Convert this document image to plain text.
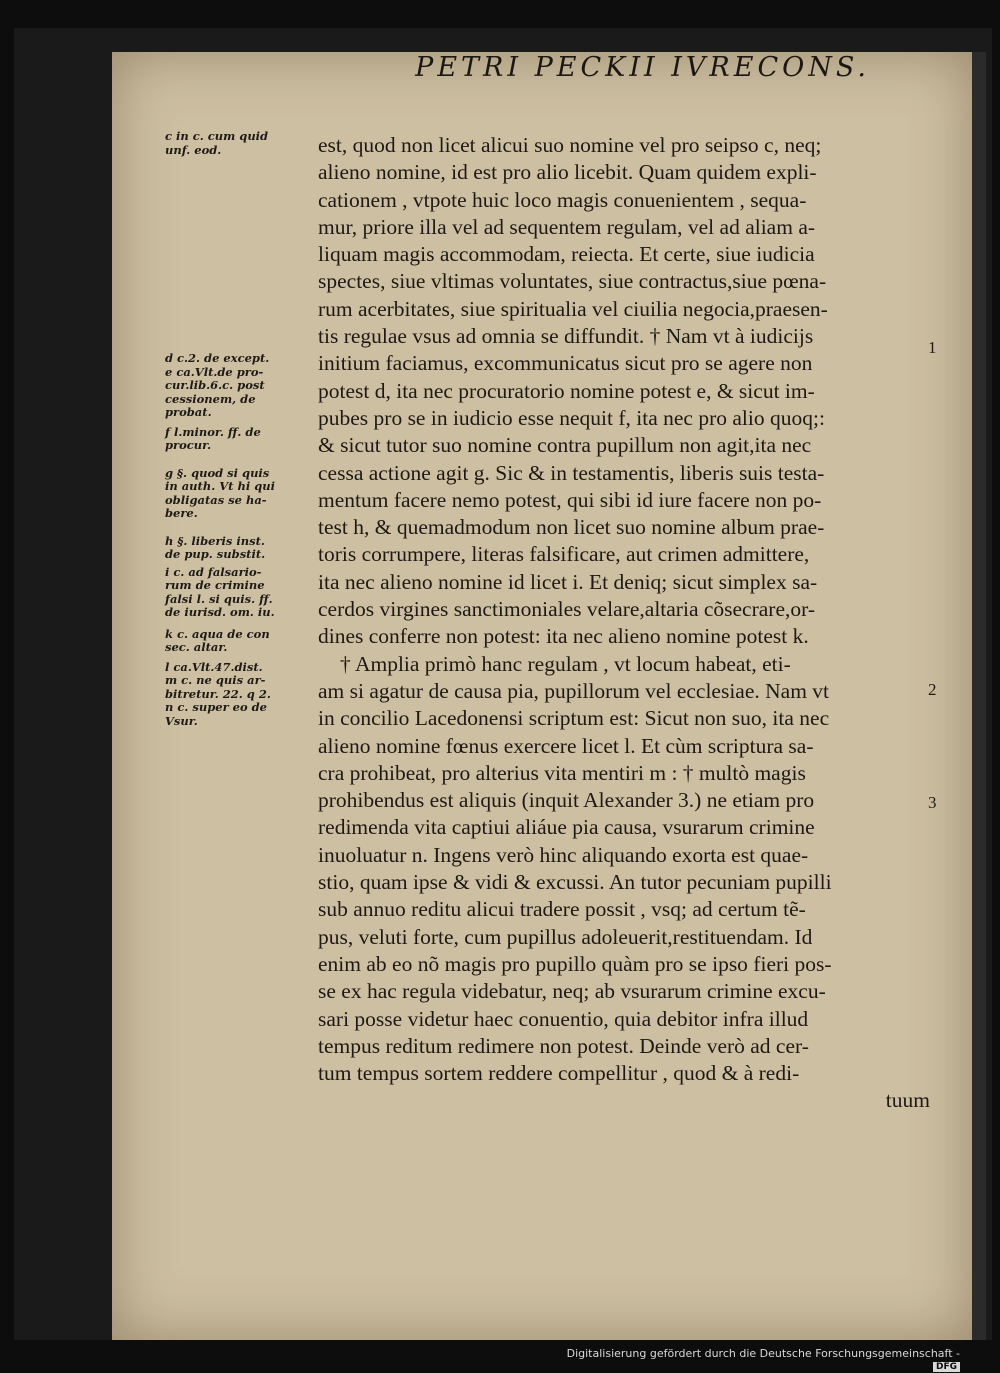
PETRI PECKII IVRECONS.

c in c. cum quid
unf. eod.

d c.2. de except.
e ca.Vlt.de pro-
cur.lib.6.c. post
cessionem, de
probat.

f l.minor. ff. de
procur.

g §. quod si quis
in auth. Vt hi qui
obligatas se ha-
bere.

h §. liberis inst.
de pup. substit.

i c. ad falsario-
rum de crimine
falsi l. si quis. ff.
de iurisd. om. iu.

k c. aqua de con
sec. altar.

l ca.Vlt.47.dist.
m c. ne quis ar-
bitretur. 22. q 2.
n c. super eo de
Vsur.

est, quod non licet alicui suo nomine vel pro seipso c, neq;
alieno nomine, id est pro alio licebit. Quam quidem expli-
cationem , vtpote huic loco magis conuenientem , sequa-
mur, priore illa vel ad sequentem regulam, vel ad aliam a-
liquam magis accommodam, reiecta. Et certe, siue iudicia
spectes, siue vltimas voluntates, siue contractus,siue pœna-
rum acerbitates, siue spiritualia vel ciuilia negocia,praesen-
tis regulae vsus ad omnia se diffundit. † Nam vt à iudicijs
initium faciamus, excommunicatus sicut pro se agere non
potest d, ita nec procuratorio nomine potest e, & sicut im-
pubes pro se in iudicio esse nequit f, ita nec pro alio quoq;:
& sicut tutor suo nomine contra pupillum non agit,ita nec
cessa actione agit g. Sic & in testamentis, liberis suis testa-
mentum facere nemo potest, qui sibi id iure facere non po-
test h, & quemadmodum non licet suo nomine album prae-
toris corrumpere, literas falsificare, aut crimen admittere,
ita nec alieno nomine id licet i. Et deniq; sicut simplex sa-
cerdos virgines sanctimoniales velare,altaria cõsecrare,or-
dines conferre non potest: ita nec alieno nomine potest k.
† Amplia primò hanc regulam , vt locum habeat, eti-
am si agatur de causa pia, pupillorum vel ecclesiae. Nam vt
in concilio Lacedonensi scriptum est: Sicut non suo, ita nec
alieno nomine fœnus exercere licet l. Et cùm scriptura sa-
cra prohibeat, pro alterius vita mentiri m : † multò magis
prohibendus est aliquis (inquit Alexander 3.) ne etiam pro
redimenda vita captiui aliáue pia causa, vsurarum crimine
inuoluatur n. Ingens verò hinc aliquando exorta est quae-
stio, quam ipse & vidi & excussi. An tutor pecuniam pupilli
sub annuo reditu alicui tradere possit , vsq; ad certum tẽ-
pus, veluti forte, cum pupillus adoleuerit,restituendam. Id
enim ab eo nõ magis pro pupillo quàm pro se ipso fieri pos-
se ex hac regula videbatur, neq; ab vsurarum crimine excu-
sari posse videtur haec conuentio, quia debitor infra illud
tempus reditum redimere non potest. Deinde verò ad cer-
tum tempus sortem reddere compellitur , quod & à redi-
tuum
1
2
3
Digitalisierung gefördert durch die Deutsche Forschungsgemeinschaft - DFG
